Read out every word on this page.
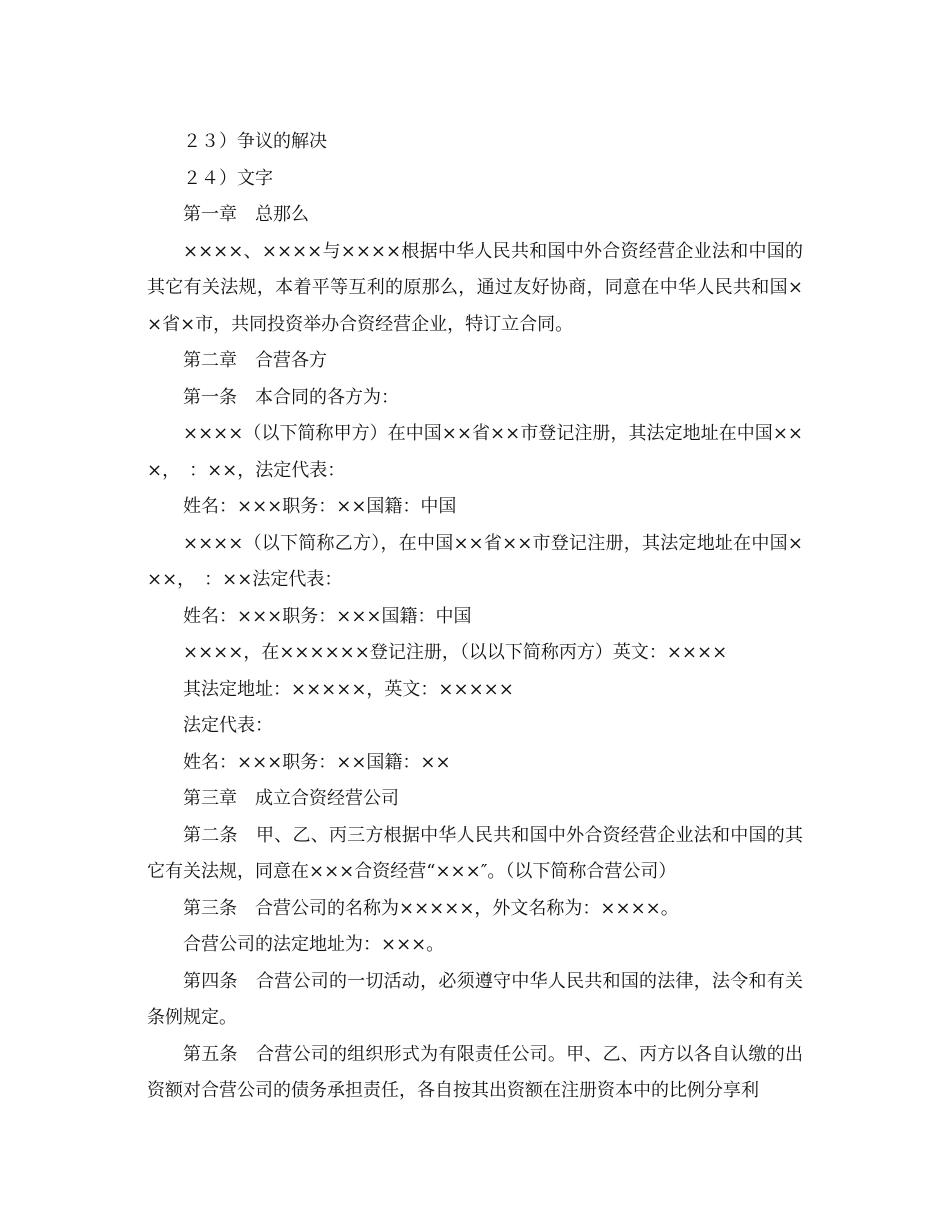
２３）争议的解决

２４）文字

第一章　总那么

××××、××××与××××根据中华人民共和国中外合资经营企业法和中国的其它有关法规，本着平等互利的原那么，通过友好协商，同意在中华人民共和国××省×市，共同投资举办合资经营企业，特订立合同。

第二章　合营各方

第一条　本合同的各方为：

××××（以下简称甲方）在中国××省××市登记注册，其法定地址在中国×××，　：××，法定代表：

姓名：×××职务：××国籍：中国

××××（以下简称乙方），在中国××省××市登记注册，其法定地址在中国×××，　：××法定代表：

姓名：×××职务：×××国籍：中国

××××，在××××××登记注册，（以以下简称丙方）英文：××××

其法定地址：×××××，英文：×××××

法定代表：

姓名：×××职务：××国籍：××

第三章　成立合资经营公司

第二条　甲、乙、丙三方根据中华人民共和国中外合资经营企业法和中国的其它有关法规，同意在×××合资经营“×××″。（以下简称合营公司）

第三条　合营公司的名称为×××××，外文名称为：××××。

合营公司的法定地址为：×××。

第四条　合营公司的一切活动，必须遵守中华人民共和国的法律，法令和有关条例规定。

第五条　合营公司的组织形式为有限责任公司。甲、乙、丙方以各自认缴的出资额对合营公司的债务承担责任，各自按其出资额在注册资本中的比例分享利
